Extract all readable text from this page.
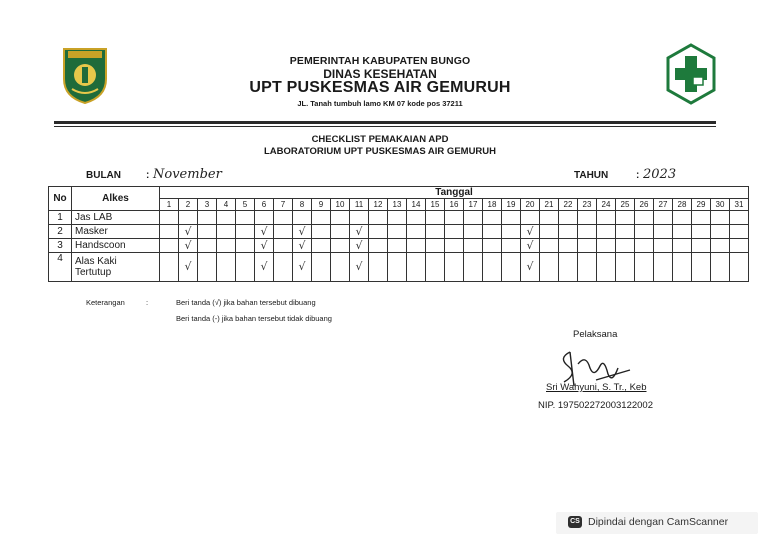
PEMERINTAH KABUPATEN BUNGO
DINAS KESEHATAN
UPT PUSKESMAS AIR GEMURUH
JL. Tanah tumbuh lamo KM 07 kode pos 37211
CHECKLIST PEMAKAIAN APD
LABORATORIUM UPT PUSKESMAS AIR GEMURUH
BULAN	: November	TAHUN	: 2023
No	Alkes	Tanggal																														
		1	2	3	4	5	6	7	8	9	10	11	12	13	14	15	16	17	18	19	20	21	22	23	24	25	26	27	28	29	30	31
1	Jas LAB																															

2	Masker		√				√		√			√									√											
3	Handscoon		√				√		√			√									√											
4	Alas Kaki
Tertutup		√				√		√			√									√											
Keterangan	:	Beri tanda (√) jika bahan tersebut dibuang
Beri tanda (-) jika bahan tersebut tidak dibuang
Pelaksana
Sri Wahyuni, S. Tr., Keb
NIP. 197502272003122002
CS Dipindai dengan CamScanner
